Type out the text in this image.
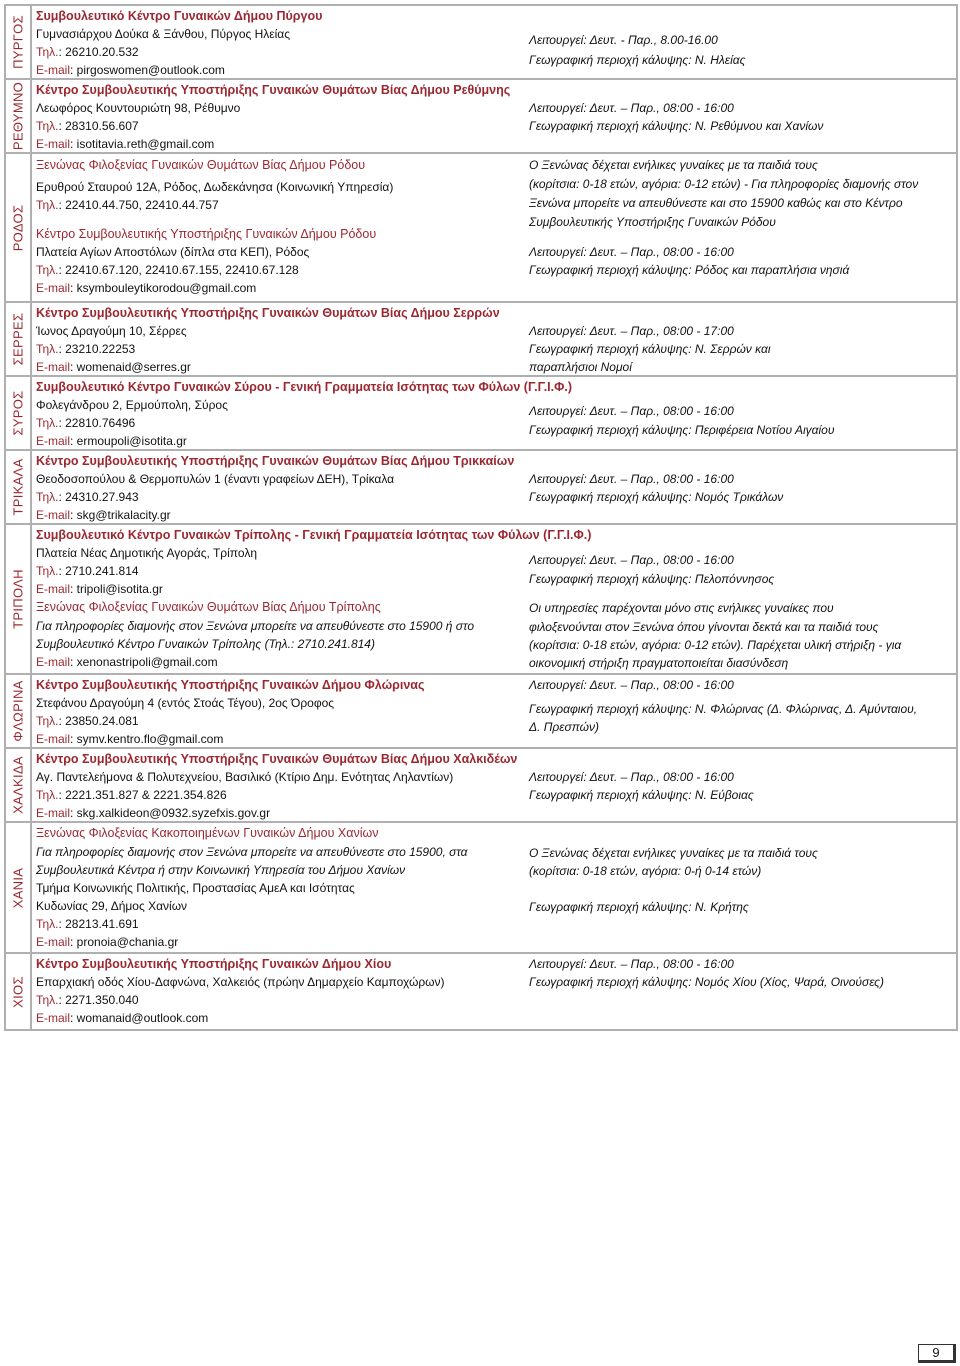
ΠΥΡΓΟΣ Συμβουλευτικό Κέντρο Γυναικών Δήμου Πύργου
Γυμνασιάρχου Δούκα & Ξάνθου, Πύργος Ηλείας
Τηλ.: 26210.20.532
E-mail: pirgoswomen@outlook.com
Λειτουργεί: Δευτ. - Παρ., 8.00-16.00
Γεωγραφική περιοχή κάλυψης: Ν. Ηλείας
ΡΕΘΥΜΝΟ Κέντρο Συμβουλευτικής Υποστήριξης Γυναικών Θυμάτων Βίας Δήμου Ρεθύμνης
Λεωφόρος Κουντουριώτη 98, Ρέθυμνο
Τηλ.: 28310.56.607
E-mail: isotitavia.reth@gmail.com
Λειτουργεί: Δευτ. – Παρ., 08:00 - 16:00
Γεωγραφική περιοχή κάλυψης: Ν. Ρεθύμνου και Χανίων
ΡΟΔΟΣ
Ξενώνας Φιλοξενίας Γυναικών Θυμάτων Βίας Δήμου Ρόδου
Ερυθρού Σταυρού 12Α, Ρόδος, Δωδεκάνησα (Κοινωνική Υπηρεσία)
Τηλ.: 22410.44.750, 22410.44.757
Κέντρο Συμβουλευτικής Υποστήριξης Γυναικών Δήμου Ρόδου
Πλατεία Αγίων Αποστόλων (δίπλα στα ΚΕΠ), Ρόδος
Τηλ.: 22410.67.120, 22410.67.155, 22410.67.128
E-mail: ksymbouleytikorodou@gmail.com
Ο Ξενώνας δέχεται ενήλικες γυναίκες με τα παιδιά τους
(κορίτσια: 0-18 ετών, αγόρια: 0-12 ετών) - Για πληροφορίες διαμονής στον
Ξενώνα μπορείτε να απευθύνεστε και στο 15900 καθώς και στο Κέντρο
Συμβουλευτικής Υποστήριξης Γυναικών Ρόδου
Λειτουργεί: Δευτ. – Παρ., 08:00 - 16:00
Γεωγραφική περιοχή κάλυψης: Ρόδος και παραπλήσια νησιά
ΣΕΡΡΕΣ Κέντρο Συμβουλευτικής Υποστήριξης Γυναικών Θυμάτων Βίας Δήμου Σερρών
Ίωνος Δραγούμη 10, Σέρρες
Τηλ.: 23210.22253
E-mail: womenaid@serres.gr
Λειτουργεί: Δευτ. – Παρ., 08:00 - 17:00
Γεωγραφική περιοχή κάλυψης: Ν. Σερρών και
παραπλήσιοι Νομοί
ΣΥΡΟΣ
Συμβουλευτικό Κέντρο Γυναικών Σύρου - Γενική Γραμματεία Ισότητας των Φύλων (Γ.Γ.Ι.Φ.)
Φολεγάνδρου 2, Ερμούπολη, Σύρος
Τηλ.: 22810.76496
E-mail: ermoupoli@isotita.gr
Λειτουργεί: Δευτ. – Παρ., 08:00 - 16:00
Γεωγραφική περιοχή κάλυψης: Περιφέρεια Νοτίου Αιγαίου
ΤΡΙΚΑΛΑ Κέντρο Συμβουλευτικής Υποστήριξης Γυναικών Θυμάτων Βίας Δήμου Τρικκαίων
Θεοδοσοπούλου & Θερμοπυλών 1 (έναντι γραφείων ΔΕΗ), Τρίκαλα
Τηλ.: 24310.27.943
E-mail: skg@trikalacity.gr
Λειτουργεί: Δευτ. – Παρ., 08:00 - 16:00
Γεωγραφική περιοχή κάλυψης: Νομός Τρικάλων
ΤΡΙΠΟΛΗ
Συμβουλευτικό Κέντρο Γυναικών Τρίπολης - Γενική Γραμματεία Ισότητας των Φύλων (Γ.Γ.Ι.Φ.)
Πλατεία Νέας Δημοτικής Αγοράς, Τρίπολη
Τηλ.: 2710.241.814
E-mail: tripoli@isotita.gr
Ξενώνας Φιλοξενίας Γυναικών Θυμάτων Βίας Δήμου Τρίπολης
Για πληροφορίες διαμονής στον Ξενώνα μπορείτε να απευθύνεστε στο 15900 ή στο
Συμβουλευτικό Κέντρο Γυναικών Τρίπολης (Τηλ.: 2710.241.814)
E-mail: xenonastripoli@gmail.com
Λειτουργεί: Δευτ. – Παρ., 08:00 - 16:00
Γεωγραφική περιοχή κάλυψης: Πελοπόννησος
Οι υπηρεσίες παρέχονται μόνο στις ενήλικες γυναίκες που
φιλοξενούνται στον Ξενώνα όπου γίνονται δεκτά και τα παιδιά τους
(κορίτσια: 0-18 ετών, αγόρια: 0-12 ετών). Παρέχεται υλική στήριξη - για
οικονομική στήριξη πραγματοποιείται διασύνδεση
ΦΛΩΡΙΝΑ Κέντρο Συμβουλευτικής Υποστήριξης Γυναικών Δήμου Φλώρινας
Στεφάνου Δραγούμη 4 (εντός Στοάς Τέγου), 2ος Όροφος
Τηλ.: 23850.24.081
E-mail: symv.kentro.flo@gmail.com
Λειτουργεί: Δευτ. – Παρ., 08:00 - 16:00
Γεωγραφική περιοχή κάλυψης: Ν. Φλώρινας (Δ. Φλώρινας, Δ. Αμύνταιου,
Δ. Πρεσπών)
ΧΑΛΚΙΔΑ Κέντρο Συμβουλευτικής Υποστήριξης Γυναικών Θυμάτων Βίας Δήμου Χαλκιδέων
Αγ. Παντελεήμονα & Πολυτεχνείου, Βασιλικό (Κτίριο Δημ. Ενότητας Ληλαντίων)
Τηλ.: 2221.351.827 & 2221.354.826
E-mail: skg.xalkideon@0932.syzefxis.gov.gr
Λειτουργεί: Δευτ. – Παρ., 08:00 - 16:00
Γεωγραφική περιοχή κάλυψης: Ν. Εύβοιας
ΧΑΝΙΑ
Ξενώνας Φιλοξενίας Κακοποιημένων Γυναικών Δήμου Χανίων
Για πληροφορίες διαμονής στον Ξενώνα μπορείτε να απευθύνεστε στο 15900, στα
Συμβουλευτικά Κέντρα ή στην Κοινωνική Υπηρεσία του Δήμου Χανίων
Τμήμα Κοινωνικής Πολιτικής, Προστασίας ΑμεΑ και Ισότητας
Κυδωνίας 29, Δήμος Χανίων
Τηλ.: 28213.41.691
E-mail: pronoia@chania.gr
Ο Ξενώνας δέχεται ενήλικες γυναίκες με τα παιδιά τους
(κορίτσια: 0-18 ετών, αγόρια: 0-ή 0-14 ετών)
Γεωγραφική περιοχή κάλυψης: Ν. Κρήτης
ΧΙΟΣ
Κέντρο Συμβουλευτικής Υποστήριξης Γυναικών Δήμου Χίου
Επαρχιακή οδός Χίου-Δαφνώνα, Χαλκειός (πρώην Δημαρχείο Καμποχώρων)
Τηλ.: 2271.350.040
E-mail: womanaid@outlook.com
Λειτουργεί: Δευτ. – Παρ., 08:00 - 16:00
Γεωγραφική περιοχή κάλυψης: Νομός Χίου (Χίος, Ψαρά, Οινούσες)
9
